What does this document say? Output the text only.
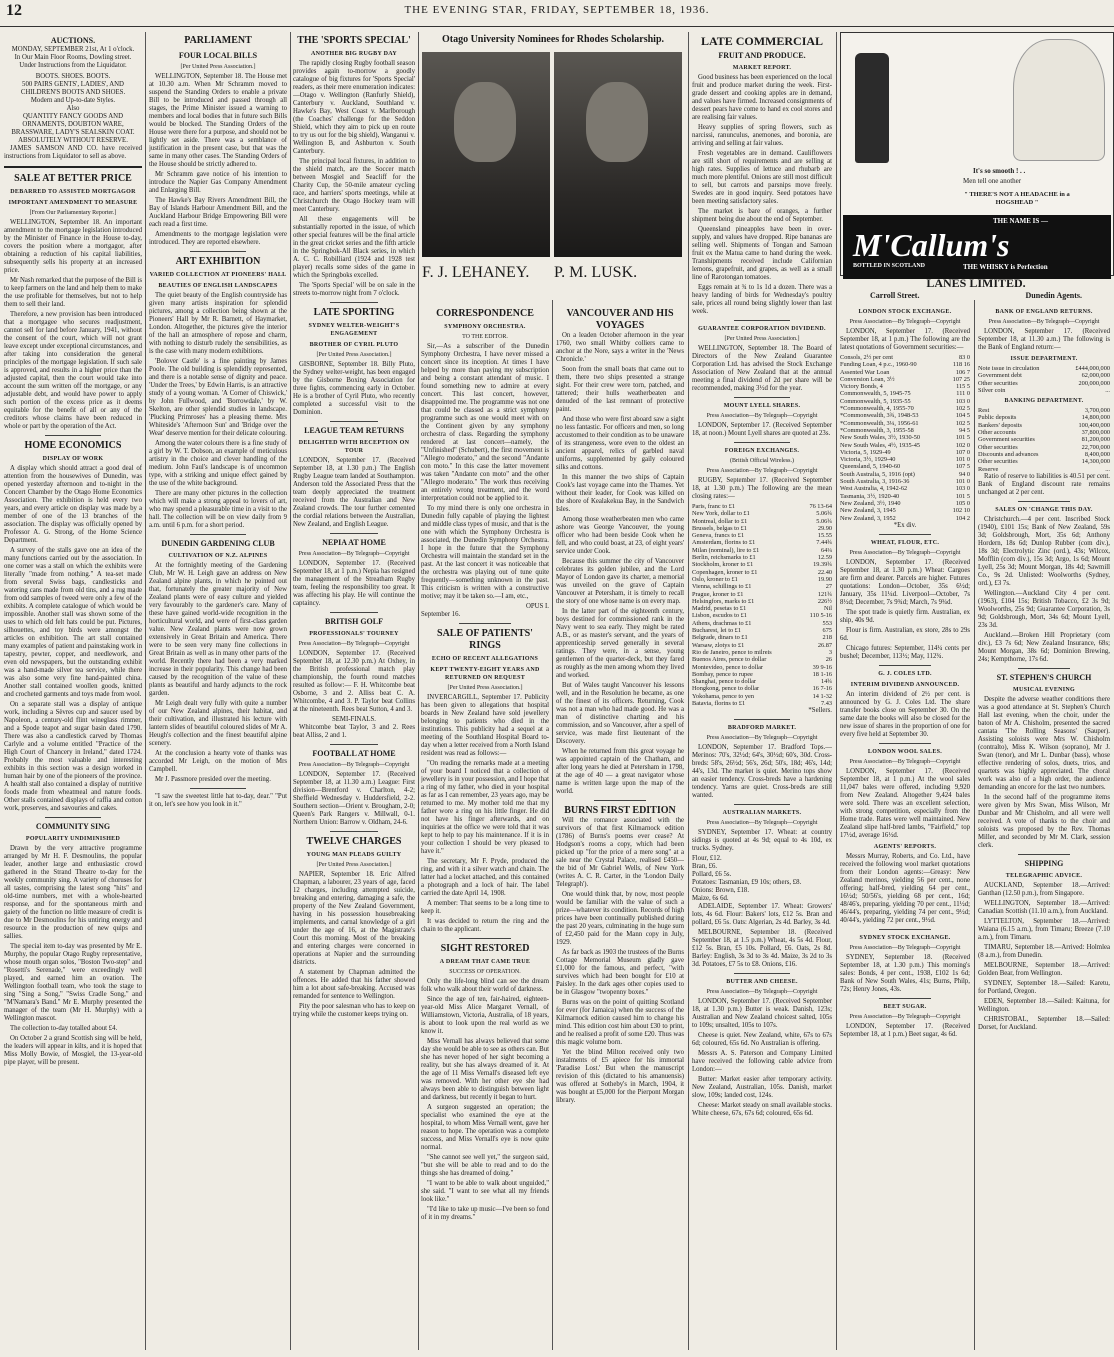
12	THE EVENING STAR, FRIDAY, SEPTEMBER 18, 1936.
AUCTIONS.
MONDAY, SEPTEMBER 21st, At 1 o'clock.
In Our Main Floor Rooms, Dowling street.
Under Instructions from the Liquidator.
BOOTS. SHOES. BOOTS.
500 PAIRS GENTS', LADIES', AND CHILDREN'S BOOTS AND SHOES.
Modern and Up-to-date Styles.
Also
QUANTITY FANCY GOODS AND ORNAMENTS, DOUBTON WARE, BRASSWARE, LADY'S SEALSKIN COAT.
ABSOLUTELY WITHOUT RESERVE.

JAMES SAMSON AND CO. have received instructions from Liquidator to sell as above.

SALE AT BETTER PRICE
DEBARRED TO ASSISTED MORTGAGOR
IMPORTANT AMENDMENT TO MEASURE
[From Our Parliamentary Reporter.]

WELLINGTON, September 18. An important amendment to the mortgage legislation introduced by the Minister of Finance in the House to-day, covers the position where a mortgagor, after obtaining a reduction of his capital liabilities, subsequently sells his property at an increased price.

Mr Nash remarked that the purpose of the Bill is to keep farmers on the land and help them to make the use profitable for themselves, but not to help them to sell their land.

Therefore, a new provision has been introduced that a mortgagee who secures readjustment, cannot sell for land before January, 1941, without the consent of the court, which will not grant leave except under exceptional circumstances, and after taking into consideration the general principles of the mortgage legislation. If such sale is approved, and results in a higher price than the adjusted capital, then the court would take into account the sum written off the mortgage, or any adjustable debt, and would have power to apply such portion of the excess price as it deems equitable for the benefit of all or any of the creditors whose claims have been reduced in whole or part by the operation of the Act.

HOME ECONOMICS
DISPLAY OF WORK

A display which should attract a good deal of attention from the housewives of Dunedin, was opened yesterday afternoon and to-night in the Concert Chamber by the Otago Home Economics Association. The exhibition is held every two years, and every article on display was made by a member of one of the 13 branches of the association. The display was officially opened by Professor A. G. Strong, of the Home Science Department.

A survey of the stalls gave one an idea of the many functions carried out by the association. In one corner was a stall on which the exhibits were literally "made from nothing." A tea-set made from several Swiss bags, candlesticks and watering cans made from old tins, and a rug made from odd samples of tweed were only a few of the exhibits. A complete catalogue of which would be impossible. Another stall was shown some of the uses to which old felt hats could be put. Pictures, silhouettes, and toy birds were amongst the articles on exhibition. The art stall contained many examples of patient and painstaking work in tapestry, pewter, copper, and needlework, and even old newspapers, but the outstanding exhibit was a hand-made silver tea service, while there was also some very fine hand-painted china. Another stall contained woollen goods, knitted and crocheted garments and toys made from wool.

On a separate stall was a display of antique work, including a Sèvres cup and saucer used by Napoleon, a century-old flint wineglass rimmer, and a Spode teapot and sugar basin dated 1790. There was also a candlestick carved by Thomas Carlyle and a volume entitled "Practice of the High Court of Chancery in Ireland," dated 1724. Probably the most valuable and interesting exhibits in this section was a design worked in human hair by one of the pioneers of the province. A health stall also contained a display of nutritive foods made from wheatmeal and nature foods. Other stalls contained displays of raffia and cotton work, preserves, and savouries and cakes.

COMMUNITY SING
POPULARITY UNDIMINISHED

Drawn by the very attractive programme arranged by Mr H. F. Desmoulins, the popular leader, another large and enthusiastic crowd gathered in the Strand Theatre to-day for the weekly community sing. A variety of choruses for all tastes, comprising the latest song "hits" and old-time numbers, met with a whole-hearted response, and for the spontaneous mirth and gaiety of the function no little measure of credit is due to Mr Desmoulins for his untiring energy and resource in the production of new quips and sallies.

The special item to-day was presented by Mr E. Murphy, the popular Otago Rugby representative, whose mouth organ solos, "Boston Two-step" and "Rosetti's Serenade," were exceedingly well played, and earned him an ovation. The Wellington football team, who took the stage to sing "Sing a Song," "Swiss Cradle Song," and "M'Namara's Band." Mr E. Murphy presented the manager of the team (Mr H. Murphy) with a Wellington mascot.

The collection to-day totalled about £4.

On October 2 a grand Scottish sing will be held, the leaders will appear in kilts, and it is hoped that Miss Molly Bowie, of Mosgiel, the 13-year-old pipe player, will be present.

PARLIAMENT
FOUR LOCAL BILLS
[Per United Press Association.]

WELLINGTON, September 18. The House met at 10.30 a.m. When Mr Schramm moved to suspend the Standing Orders to enable a private Bill to be introduced and passed through all stages, the Prime Minister issued a warning to members and local bodies that in future such Bills would be blocked. The Standing Orders of the House were there for a purpose, and should not be lightly set aside. There was a semblance of justification in the present case, but that was the same in many other cases. The Standing Orders of the House should be strictly adhered to.

Mr Schramm gave notice of his intention to introduce the Napier Gas Company Amendment and Enlarging Bill.

The Hawke's Bay Rivers Amendment Bill, the Bay of Islands Harbour Amendment Bill, and the Auckland Harbour Bridge Empowering Bill were each read a first time.

Amendments to the mortgage legislation were introduced. They are reported elsewhere.

ART EXHIBITION
VARIED COLLECTION AT PIONEERS' HALL
BEAUTIES OF ENGLISH LANDSCAPES

The quiet beauty of the English countryside has given many artists inspiration for splendid pictures, among a collection being shown at the Pioneers' Hall by Mr R. Barnett, of Haymarket, London. Altogether, the pictures give the interior of the hall an atmosphere of repose and charm, with nothing to disturb rudely the sensibilities, as is the case with many modern exhibitions.

'Bolover Castle' is a fine painting by James Poole. The old building is splendidly represented, and there is a notable sense of dignity and peace. 'Under the Trees,' by Edwin Harris, is an attractive study of a young woman. 'A Corner of Chiswick,' by John Fullwood, and 'Borrowdale,' by W. Skelton, are other splendid studies in landscape. 'Plucking Primroses' has a pleasing theme. Mrs Whiteside's 'Afternoon Sun' and 'Bridge over the Wear' deserve mention for their delicate colouring.

Among the water colours there is a fine study of a girl by W. T. Dobson, an example of meticulous artistry in the choice and clever handling of the medium. John Faul's landscape is of uncommon type, with a striking and unique effect gained by the use of the white background.

There are many other pictures in the collection which will make a strong appeal to lovers of art, who may spend a pleasurable time in a visit to the hall. The collection will be on view daily from 9 a.m. until 6 p.m. for a short period.

DUNEDIN GARDENING CLUB
CULTIVATION OF N.Z. ALPINES

At the fortnightly meeting of the Gardening Club, Mr W. H. Leigh gave an address on New Zealand alpine plants, in which he pointed out that, fortunately the greater majority of New Zealand plants were of easy culture and yielded very favourably to the gardener's care. Many of these have gained world-wide recognition in the horticultural world, and were of first-class garden value. New Zealand plants were now grown extensively in Great Britain and America. There were to be seen very many fine collections in Great Britain as well as in many other parts of the world. Recently there had been a very marked increase in their popularity. This change had been caused by the recognition of the value of these plants as beautiful and hardy adjuncts to the rock garden.

Mr Leigh dealt very fully with quite a number of our New Zealand alpines, their habitat, and their cultivation, and illustrated his lecture with lantern slides of beautiful coloured slides of Mr A. Heugh's collection and the finest beautiful alpine scenery.

At the conclusion a hearty vote of thanks was accorded Mr Leigh, on the motion of Mrs Campbell.

Mr J. Passmore presided over the meeting.

"I saw the sweetest little hat to-day, dear." "Put it on, let's see how you look in it."

THE 'SPORTS SPECIAL'
ANOTHER BIG RUGBY DAY

The rapidly closing Rugby football season provides again to-morrow a goodly catalogue of big fixtures for 'Sports Special' readers, as their mere enumeration indicates:—Otago v. Wellington (Ranfurly Shield), Canterbury v. Auckland, Southland v. Hawke's Bay, West Coast v. Marlborough (the Coaches' challenge for the Seddon Shield, which they aim to pick up en route to try us out for the big shield), Wanganui v. Wellington B, and Ashburton v. South Canterbury.

The principal local fixtures, in addition to the shield match, are the Soccer match between Mosgiel and Seacliff for the Charity Cup, the 50-mile amateur cycling race, and harriers' sports meetings, while at Christchurch the Otago Hockey team will meet Canterbury.

All these engagements will be substantially reported in the issue, of which other special features will be the final article in the great cricket series and the fifth article in the Springbok-All Black series, in which A. C. C. Robilliard (1924 and 1928 test player) recalls some sides of the game in which the Springboks excelled.

The 'Sports Special' will be on sale in the streets to-morrow night from 7 o'clock.

LATE SPORTING
SYDNEY WELTER-WEIGHT'S ENGAGEMENT
BROTHER OF CYRIL PLUTO
[Per United Press Association.]

GISBORNE, September 18. Billy Pluto, the Sydney welter-weight, has been engaged by the Gisborne Boxing Association for three fights, commencing early in October. He is a brother of Cyril Pluto, who recently completed a successful visit to the Dominion.

LEAGUE TEAM RETURNS
DELIGHTED WITH RECEPTION ON TOUR

LONDON, September 17. (Received September 18, at 1.30 p.m.) The English Rugby League team landed at Southampton. Anderson told the Associated Press that the team deeply appreciated the treatment received from the Australian and New Zealand crowds. The tour further cemented the cordial relations between the Australian, New Zealand, and English League.

NEPIA AT HOME
Press Association—By Telegraph—Copyright

LONDON, September 17. (Received September 18, at 1 p.m.) Nepia has resigned the management of the Streatham Rugby team, feeling the responsibility too great. It was affecting his play. He will continue the captaincy.

BRITISH GOLF
PROFESSIONALS' TOURNEY
Press Association—By Telegraph—Copyright

LONDON, September 17. (Received September 18, at 12.30 p.m.) At Oxhey, in the British professional match play championship, the fourth round matches resulted as follow:— F. H. Whitcombe beat Osborne, 3 and 2. Alliss beat C. A. Whitcombe, 4 and 3. P. Taylor beat Collins at the nineteenth. Rees beat Sutton, 4 and 3.

SEMI-FINALS.

Whitcombe beat Taylor, 3 and 2. Rees beat Alliss, 2 and 1.

FOOTBALL AT HOME
Press Association—By Telegraph—Copyright

LONDON, September 17. (Received September 18, at 11.30 a.m.) League: First division—Brentford v. Charlton, 4-2; Sheffield Wednesday v. Huddersfield, 2-2. Southern section—Orient v. Brougham, 2-0; Queen's Park Rangers v. Millwall, 0-1. Northern Union: Barrow v. Oldham, 24-6.

TWELVE CHARGES
YOUNG MAN PLEADS GUILTY
[Per United Press Association.]

NAPIER, September 18. Eric Alfred Chapman, a labourer, 23 years of age, faced 12 charges, including attempted suicide, breaking and entering, damaging a safe, the property of the New Zealand Government, having in his possession housebreaking implements, and carnal knowledge of a girl under the age of 16, at the Magistrate's Court this morning. Most of the breaking and entering charges were concerned in operations at Napier and the surrounding districts.

A statement by Chapman admitted the offences. He added that his father showed him a lot about safe-breaking. Accused was remanded for sentence to Wellington.

Pity the poor salesman who has to keep on trying while the customer keeps trying on.

Otago University Nominees for Rhodes Scholarship.
F. J. LEHANEY. P. M. LUSK.
CORRESPONDENCE
SYMPHONY ORCHESTRA.
TO THE EDITOR.

Sir,—As a subscriber of the Dunedin Symphony Orchestra, I have never missed a concert since its inception. At times I have helped by more than paying my subscription and being a constant attendant of music. I found something new to admire at every concert. This last concert, however, disappointed me. The programme was not one that could be classed as a strict symphony programme such as one would meet with on the Continent given by any symphony orchestra of class. Regarding the symphony rendered at last concert—namely, the "Unfinished" (Schubert), the first movement is "Allegro moderato," and the second "Andante con moto." In this case the latter movement was taken "Andante con moto" and the other "Allegro moderato." The work thus receiving an entirely wrong treatment, and the word interpretation could not be applied to it.

To my mind there is only one orchestra in Dunedin fully capable of playing the lightest and middle class types of music, and that is the one with which the Symphony Orchestra is associated, the Dunedin Symphony Orchestra. I hope in the future that the Symphony Orchestra will maintain the standard set in the past. At the last concert it was noticeable that the orchestra was playing out of tune quite frequently—something unknown in the past. This criticism is written with a constructive motive; may it be taken so.—I am, etc.,

OPUS I.
September 16.
SALE OF PATIENTS' RINGS
ECHO OF RECENT ALLEGATIONS
KEPT TWENTY-EIGHT YEARS AND RETURNED ON REQUEST
[Per United Press Association.]

INVERCARGILL, September 17. Publicity has been given to allegations that hospital boards in New Zealand have sold jewellery belonging to patients who died in the institutions. This publicity had a sequel at a meeting of the Southland Hospital Board to-day when a letter received from a North Island resident was read as follows:—

"On reading the remarks made at a meeting of your board I noticed that a collection of jewellery is in your possession, and I hope that a ring of my father, who died in your hospital as far as I can remember, 23 years ago, may be returned to me. My mother told me that my father wore a ring on his little finger. He did not have his finger afterwards, and on inquiries at the office we were told that it was kept to help to pay his maintenance. If it is in your collection I should be very pleased to have it."

The secretary, Mr F. Pryde, produced the ring, and with it a silver watch and chain. The latter had a locket attached, and this contained a photograph and a lock of hair. The label carried the date April 14, 1908.

A member: That seems to be a long time to keep it.

It was decided to return the ring and the chain to the applicant.

SIGHT RESTORED
A DREAM THAT CAME TRUE
SUCCESS OF OPERATION.

Only the life-long blind can see the dream folk who walk about their world of darkness.

Since the age of ten, fair-haired, eighteen-year-old Miss Alice Margaret Vernall, of Williamstown, Victoria, Australia, of 18 years, is about to look upon the real world as we know it.

Miss Vernall has always believed that some day she would be able to see as others can. But she has never hoped of her sight becoming a reality, but she has always dreamed of it. At the age of 11 Miss Vernall's diseased left eye was removed. With her other eye she had always been able to distinguish between light and darkness, but recently it began to hurt.

A surgeon suggested an operation; the specialist who examined the eye at the hospital, to whom Miss Vernall went, gave her reason to hope. The operation was a complete success, and Miss Vernall's eye is now quite normal.

"She cannot see well yet," the surgeon said, "but she will be able to read and to do the things she has dreamed of doing."

"I want to be able to walk about unguided," she said. "I want to see what all my friends look like."

"I'd like to take up music—I've been so fond of it in my dreams."

VANCOUVER AND HIS VOYAGES

On a leaden October afternoon in the year 1760, two small Whitby colliers came to anchor at the Nore, says a writer in the 'News Chronicle.'

Soon from the small boats that came out to them, there two ships presented a strange sight. For their crew were torn, patched, and tattered; their hulls weatherbeaten and denuded of the last remnant of protective paint.

And those who were first aboard saw a sight no less fantastic. For officers and men, so long accustomed to their condition as to be unaware of its strangeness, wore even to the oldest an ancient apparel, relics of garbled naval uniforms, supplemented by gaily coloured silks and cottons.

In this manner the two ships of Captain Cook's last voyage came into the Thames. Yet without their leader, for Cook was killed on the shore of Kealakekua Bay, in the Sandwich Isles.

Among those weatherbeaten men who came ashore was George Vancouver, the young officer who had been beside Cook when he fell, and who could boast, at 23, of eight years' service under Cook.

Because this summer the city of Vancouver celebrates its golden jubilee, and the Lord Mayor of London gave its charter, a memorial was unveiled on the grave of Captain Vancouver at Petersham, it is timely to recall the story of one whose name is on every map.

In the latter part of the eighteenth century, boys destined for commissioned rank in the Navy went to sea early. They might be rated A.B., or as master's servant, and the years of apprenticeship served generally in several ratings. They were, in a sense, young gentlemen of the quarter-deck, but they fared as roughly as the men among whom they lived and worked.

But of Wales taught Vancouver his lessons well, and in the Resolution he became, as one of the finest of its officers. Returning, Cook was not a man who had made good. He was a man of distinctive charting and his commission, and so Vancouver, after a spell of service, was made first lieutenant of the Discovery.

When he returned from this great voyage he was appointed captain of the Chatham, and after long years he died at Petersham in 1798, at the age of 40 — a great navigator whose name is written large upon the map of the world.

BURNS FIRST EDITION

Will the romance associated with the survivors of that first Kilmarnock edition (1786) of Burns's poems ever cease? At Hodgson's rooms a copy, which had been picked up "for the price of a mere song" at a sale near the Crystal Palace, realised £450—the bid of Mr Gabriel Wells, of New York (writes A. C. R. Carter, in the 'London Daily Telegraph').

One would think that, by now, most people would be familiar with the value of such a prize—whatever its condition. Records of high prices have been continually published during the past 20 years, culminating in the huge sum of £2,450 paid for the Mann copy in July, 1929.

As far back as 1903 the trustees of the Burns Cottage Memorial Museum gladly gave £1,000 for the famous, and perfect, "with survives which had been bought for £10 at Paisley. In the dark ages other copies used to be in Glasgow "twopenny boxes."

Burns was on the point of quitting Scotland for ever (for Jamaica) when the success of the Kilmarnock edition caused him to change his mind. This edition cost him about £30 to print, and he realised a profit of some £20. Thus was this magic volume born.

Yet the blind Milton received only two instalments of £5 apiece for his immortal 'Paradise Lost.' But when the manuscript revision of this (dictated to his amanuensis) was offered at Sotheby's in March, 1904, it was bought at £5,000 for the Pierpont Morgan library.

LATE COMMERCIAL
FRUIT AND PRODUCE.
MARKET REPORT.

Good business has been experienced on the local fruit and produce market during the week. First-grade dessert and cooking apples are in demand, and values have firmed. Increased consignments of dessert pears have come to hand ex cool stores and are realising fair values.

Heavy supplies of spring flowers, such as narcissi, ranunculus, anemones, and boronia, are arriving and selling at fair values.

Fresh vegetables are in demand. Cauliflowers are still short of requirements and are selling at high rates. Supplies of lettuce and rhubarb are much more plentiful. Onions are still most difficult to sell, but carrots and parsnips move freely. Swedes are in good inquiry. Seed potatoes have been meeting satisfactory sales.

The market is bare of oranges, a further shipment being due about the end of September.

Queensland pineapples have been in over-supply, and values have dropped. Ripe bananas are selling well. Shipments of Tongan and Samoan fruit ex the Matua came to hand during the week. Transhipments received include Californian lemons, grapefruit, and grapes, as well as a small line of Rarotongan tomatoes.

Eggs remain at ¾ to 1s 1d a dozen. There was a heavy landing of birds for Wednesday's poultry sale, prices all round being slightly lower than last week.

GUARANTEE CORPORATION DIVIDEND.
[Per United Press Association.]

WELLINGTON, September 18. The Board of Directors of the New Zealand Guarantee Corporation Ltd. has advised the Stock Exchange Association of New Zealand that at the annual meeting a final dividend of 2d per share will be recommended, making 3½d for the year.

MOUNT LYELL SHARES.
Press Association—By Telegraph—Copyright

LONDON, September 17. (Received September 18, at noon.) Mount Lyell shares are quoted at 23s.

FOREIGN EXCHANGES.
(British Official Wireless.)
Press Association—By Telegraph—Copyright

RUGBY, September 17. (Received September 18, at 1.30 p.m.) The following are the mean closing rates:—

Paris, franc to £1	76 13-64
New York, dollar to £1	5.06¾
Montreal, dollar to £1	5.06¾
Brussels, belgas to £1	29.90
Geneva, francs to £1	15.55
Amsterdam, florins to £1	7.44¾
Milan (nominal), lire to £1	64¼
Berlin, reichsmarks to £1	12.59
Stockholm, kroner to £1	19.39¾
Copenhagen, kroner to £1	22.40
Oslo, kroner to £1	19.90
Vienna, schillings to £1	27
Prague, kroner to £1	121¾
Helsingfors, marks to £1	226½
Madrid, pesetas to £1	Nil
Lisbon, escudos to £1	110 5-16
Athens, drachmas to £1	553
Bucharest, lei to £1	675
Belgrade, dinars to £1	218
Warsaw, zlotys to £1	26.87
Rio de Janeiro, pence to milreis	3
Buenos Aires, pence to dollar	26
Montevideo, pence to dollar	39 9-16
Bombay, pence to rupee	18 1-16
Shanghai, pence to dollar	14¾
Hongkong, pence to dollar	16 7-16
Yokohama, pence to yen	14 1-32
Batavia, florins to £1	7.43
*Sellers.
BRADFORD MARKET.
Press Association—By Telegraph—Copyright

LONDON, September 17. Bradford Tops.—Merinos: 70's, 32½d; 64's, 30½d; 60's, 30d. Cross-breds: 58's, 26½d; 56's, 26d; 50's, 18d; 46's, 14d; 44's, 13d. The market is quiet. Merino tops show an easier tendency. Cross-breds have a hardening tendency. Yarns are quiet. Cross-breds are still wanted.

AUSTRALIAN MARKETS.
Press Association—By Telegraph—Copyright

SYDNEY, September 17. Wheat: at country sidings is quoted at 4s 9d; equal to 4s 10d, ex trucks. Sydney.

Flour, £12.
Bran, £6.
Pollard, £6 5s.
Potatoes: Tasmanian, £9 10s; others, £8.
Onions: Brown, £18.
Maize, 6s 6d.

ADELAIDE, September 17. Wheat: Growers' lots, 4s 6d. Flour: Bakers' lots, £12 5s. Bran and pollard, £6 5s. Oats: Algerian, 2s 4d. Barley, 3s 4d.

MELBOURNE, September 18. (Received September 18, at 1.5 p.m.) Wheat, 4s 5s 4d. Flour, £12 5s. Bran, £5 10s. Pollard, £6. Oats, 2s 8d. Barley: English, 3s 3d to 3s 4d. Maize, 3s 2d to 3s 3d. Potatoes, £7 5s to £8. Onions, £16.

BUTTER AND CHEESE.
Press Association—By Telegraph—Copyright

LONDON, September 17. (Received September 18, at 1.30 p.m.) Butter is weak. Danish, 123s; Australian and New Zealand choicest salted, 105s to 109s; unsalted, 105s to 107s.

Cheese is quiet. New Zealand, white, 67s to 67s 6d; coloured, 65s 6d. No Australian is offering.

Messrs A. S. Paterson and Company Limited have received the following cable advice from London:—

Butter: Market easier after temporary activity. New Zealand, Australian, 105s. Danish, market slow, 109s; landed cost, 124s.

Cheese: Market steady on small available stocks. White cheese, 67s, 67s 6d; coloured, 65s 6d.

It's so smooth ! . .
Men tell one another
" THERE'S NOT A HEADACHE in a HOGSHEAD "
THE NAME IS —
M'Callum's
THE WHISKY is Perfection
BOTTLED IN SCOTLAND
LANES LIMITED.
Carroll Street.	Dunedin Agents.
LONDON STOCK EXCHANGE.
Press Association—By Telegraph—Copyright

LONDON, September 17. (Received September 18, at 1 p.m.) The following are the latest quotations of Government securities:—

Consols, 2½ per cent	83 0
Funding Loan, 4 p.c., 1960-90	118 16
Assented War Loan	106 7
Conversion Loan, 3½	107 25
Victory Bonds, 4	115 5
Commonwealth, 5, 1945-75	111 0
Commonwealth, 5, 1935-55	103 0
*Commonwealth, 4, 1955-70	102 5
*Commonwealth, 3¾, 1948-53	104 5
*Commonwealth, 3¼, 1956-61	102 5
*Commonwealth, 3, 1955-58	94 5
New South Wales, 3½, 1930-50	101 5
New South Wales, 4½, 1935-45	102 0
Victoria, 5, 1929-49	107 0
Victoria, 3½, 1929-40	101 0
Queensland, 5, 1940-60	107 5
South Australia, 5, 1916 (opt)	94 0
South Australia, 3, 1916-36	101 0
West Australia, 4, 1942-62	103 0
Tasmania, 3½, 1920-40	101 5
New Zealand, 3½, 1940	105 0
New Zealand, 3, 1945	102 10
New Zealand, 3, 1952	104 2
*Ex div.
WHEAT, FLOUR, ETC.
Press Association—By Telegraph—Copyright

LONDON, September 17. (Received September 18, at 1.30 p.m.) Wheat: Cargoes are firm and dearer. Parcels are higher. Futures quotations: London—October, 35s 6½d; January, 35s 11¼d. Liverpool—October, 7s 8½d; December, 7s 9¾d; March, 7s 9¾d.

The spot trade is quietly firm. Australian, ex ship, 40s 9d.

Flour is firm. Australian, ex store, 28s to 29s 6d.

Chicago futures: September, 114¼ cents per bushel; December, 113½; May, 112¾.

G. J. COLES LTD.
INTERIM DIVIDEND ANNOUNCED.

An interim dividend of 2½ per cent. is announced by G. J. Coles Ltd. The share transfer books close on September 30. On the same date the books will also be closed for the new issue of shares in the proportion of one for every five held at September 30.

LONDON WOOL SALES.
Press Association—By Telegraph—Copyright

LONDON, September 17. (Received September 18, at 1 p.m.) At the wool sales 11,047 bales were offered, including 9,920 from New Zealand. Altogether 9,424 bales were sold. There was an excellent selection, with strong competition, especially from the Home trade. Rates were well maintained. New Zealand slipe half-bred lambs, "Fairfield," top 17½d, average 16½d.

AGENTS' REPORTS.

Messrs Murray, Roberts, and Co. Ltd., have received the following wool market quotations from their London agents:—Greasy: New Zealand merinos, yielding 56 per cent., none offering; half-bred, yielding 64 per cent., 16½d; 50/56's, yielding 68 per cent., 16d; 48/46's, preparing, yielding 70 per cent., 11½d; 46/44's, preparing, yielding 74 per cent., 9½d; 40/44's, yielding 72 per cent., 9½d.

SYDNEY STOCK EXCHANGE.
Press Association—By Telegraph—Copyright

SYDNEY, September 18. (Received September 18, at 1.30 p.m.) This morning's sales: Bonds, 4 per cent., 1938, £102 1s 6d; Bank of New South Wales, 41s; Burns, Philp, 72s; Henry Jones, 43s.

BEET SUGAR.
Press Association—By Telegraph—Copyright

LONDON, September 17. (Received September 18, at 1 p.m.) Beet sugar, 4s 6d.

BANK OF ENGLAND RETURNS.
Press Association—By Telegraph—Copyright

LONDON, September 17. (Received September 18, at 11.30 a.m.) The following is the Bank of England return:—

ISSUE DEPARTMENT.
Note issue in circulation	£444,000,000
Government debt	62,000,000
Other securities	200,000,000
Silver coin	...
BANKING DEPARTMENT.
Rest	3,700,000
Public deposits	14,800,000
Bankers' deposits	100,400,000
Other accounts	37,800,000
Government securities	81,200,000
Other securities	22,700,000
Discounts and advances	8,400,000
Other securities	14,300,000
Reserve	...

Ratio of reserve to liabilities is 40.51 per cent. Bank of England discount rate remains unchanged at 2 per cent.

SALES ON 'CHANGE THIS DAY.

Christchurch.—4 per cent. Inscribed Stock (1940), £101 15s; Bank of New Zealand, 59s 3d; Goldsbrough, Mort, 35s 6d; Anthony Hordern, 18s 6d; Dunlop Rubber (com div.), 18s 3d; Electrolytic Zinc (ord.), 43s; Wilcox, Mofflin (com div.), 15s 3d; Argo, 1s 6d; Mount Lyell, 25s 3d; Mount Morgan, 18s 4d; Sawmill Co., 9s 2d. Unlisted: Woolworths (Sydney, ord.), £3 7s.

Wellington.—Auckland City 4 per cent. (1963), £104 15s; British Tobacco, £2 3s 9d; Woolworths, 25s 9d; Guarantee Corporation, 3s 9d; Goldsbrough, Mort, 34s 6d; Mount Lyell, 23s 3d.

Auckland.—Broken Hill Proprietary (com div.), £3 7s 6d; New Zealand Insurance, 68s; Mount Morgan, 38s 6d; Dominion Brewing, 24s; Kempthorne, 17s 6d.

ST. STEPHEN'S CHURCH
MUSICAL EVENING

Despite the adverse weather conditions there was a good attendance at St. Stephen's Church Hall last evening, when the choir, under the baton of Mr A. Chisholm, presented the sacred cantata 'The Rolling Seasons' (Sauper). Assisting soloists were Mrs W. Chisholm (contralto), Miss K. Wilson (soprano), Mr J. Swan (tenor), and Mr L. Dunbar (bass), whose effective rendering of solos, duets, trios, and quartets was highly appreciated. The choral work was also of a high order, the audience demanding an encore for the last two numbers.

In the second half of the programme items were given by Mrs Swan, Miss Wilson, Mr Dunbar and Mr Chisholm, and all were well received. A vote of thanks to the choir and soloists was proposed by the Rev. Thomas Miller, and seconded by Mr M. Clark, session clerk.

SHIPPING
TELEGRAPHIC ADVICE.

AUCKLAND, September 18.—Arrived: Ganthan (12.50 p.m.), from Singapore.

WELLINGTON, September 18.—Arrived: Canadian Scottish (11.10 a.m.), from Auckland.

LYTTELTON, September 18.—Arrived: Waiana (6.15 a.m.), from Timaru; Breeze (7.10 a.m.), from Timaru.

TIMARU, September 18.—Arrived: Holmlea (8 a.m.), from Dunedin.

MELBOURNE, September 18.—Arrived: Golden Bear, from Wellington.

SYDNEY, September 18.—Sailed: Karetu, for Portland, Oregon.

EDEN, September 18.—Sailed: Kaituna, for Wellington.

CHRISTOBAL, September 18.—Sailed: Dorset, for Auckland.
